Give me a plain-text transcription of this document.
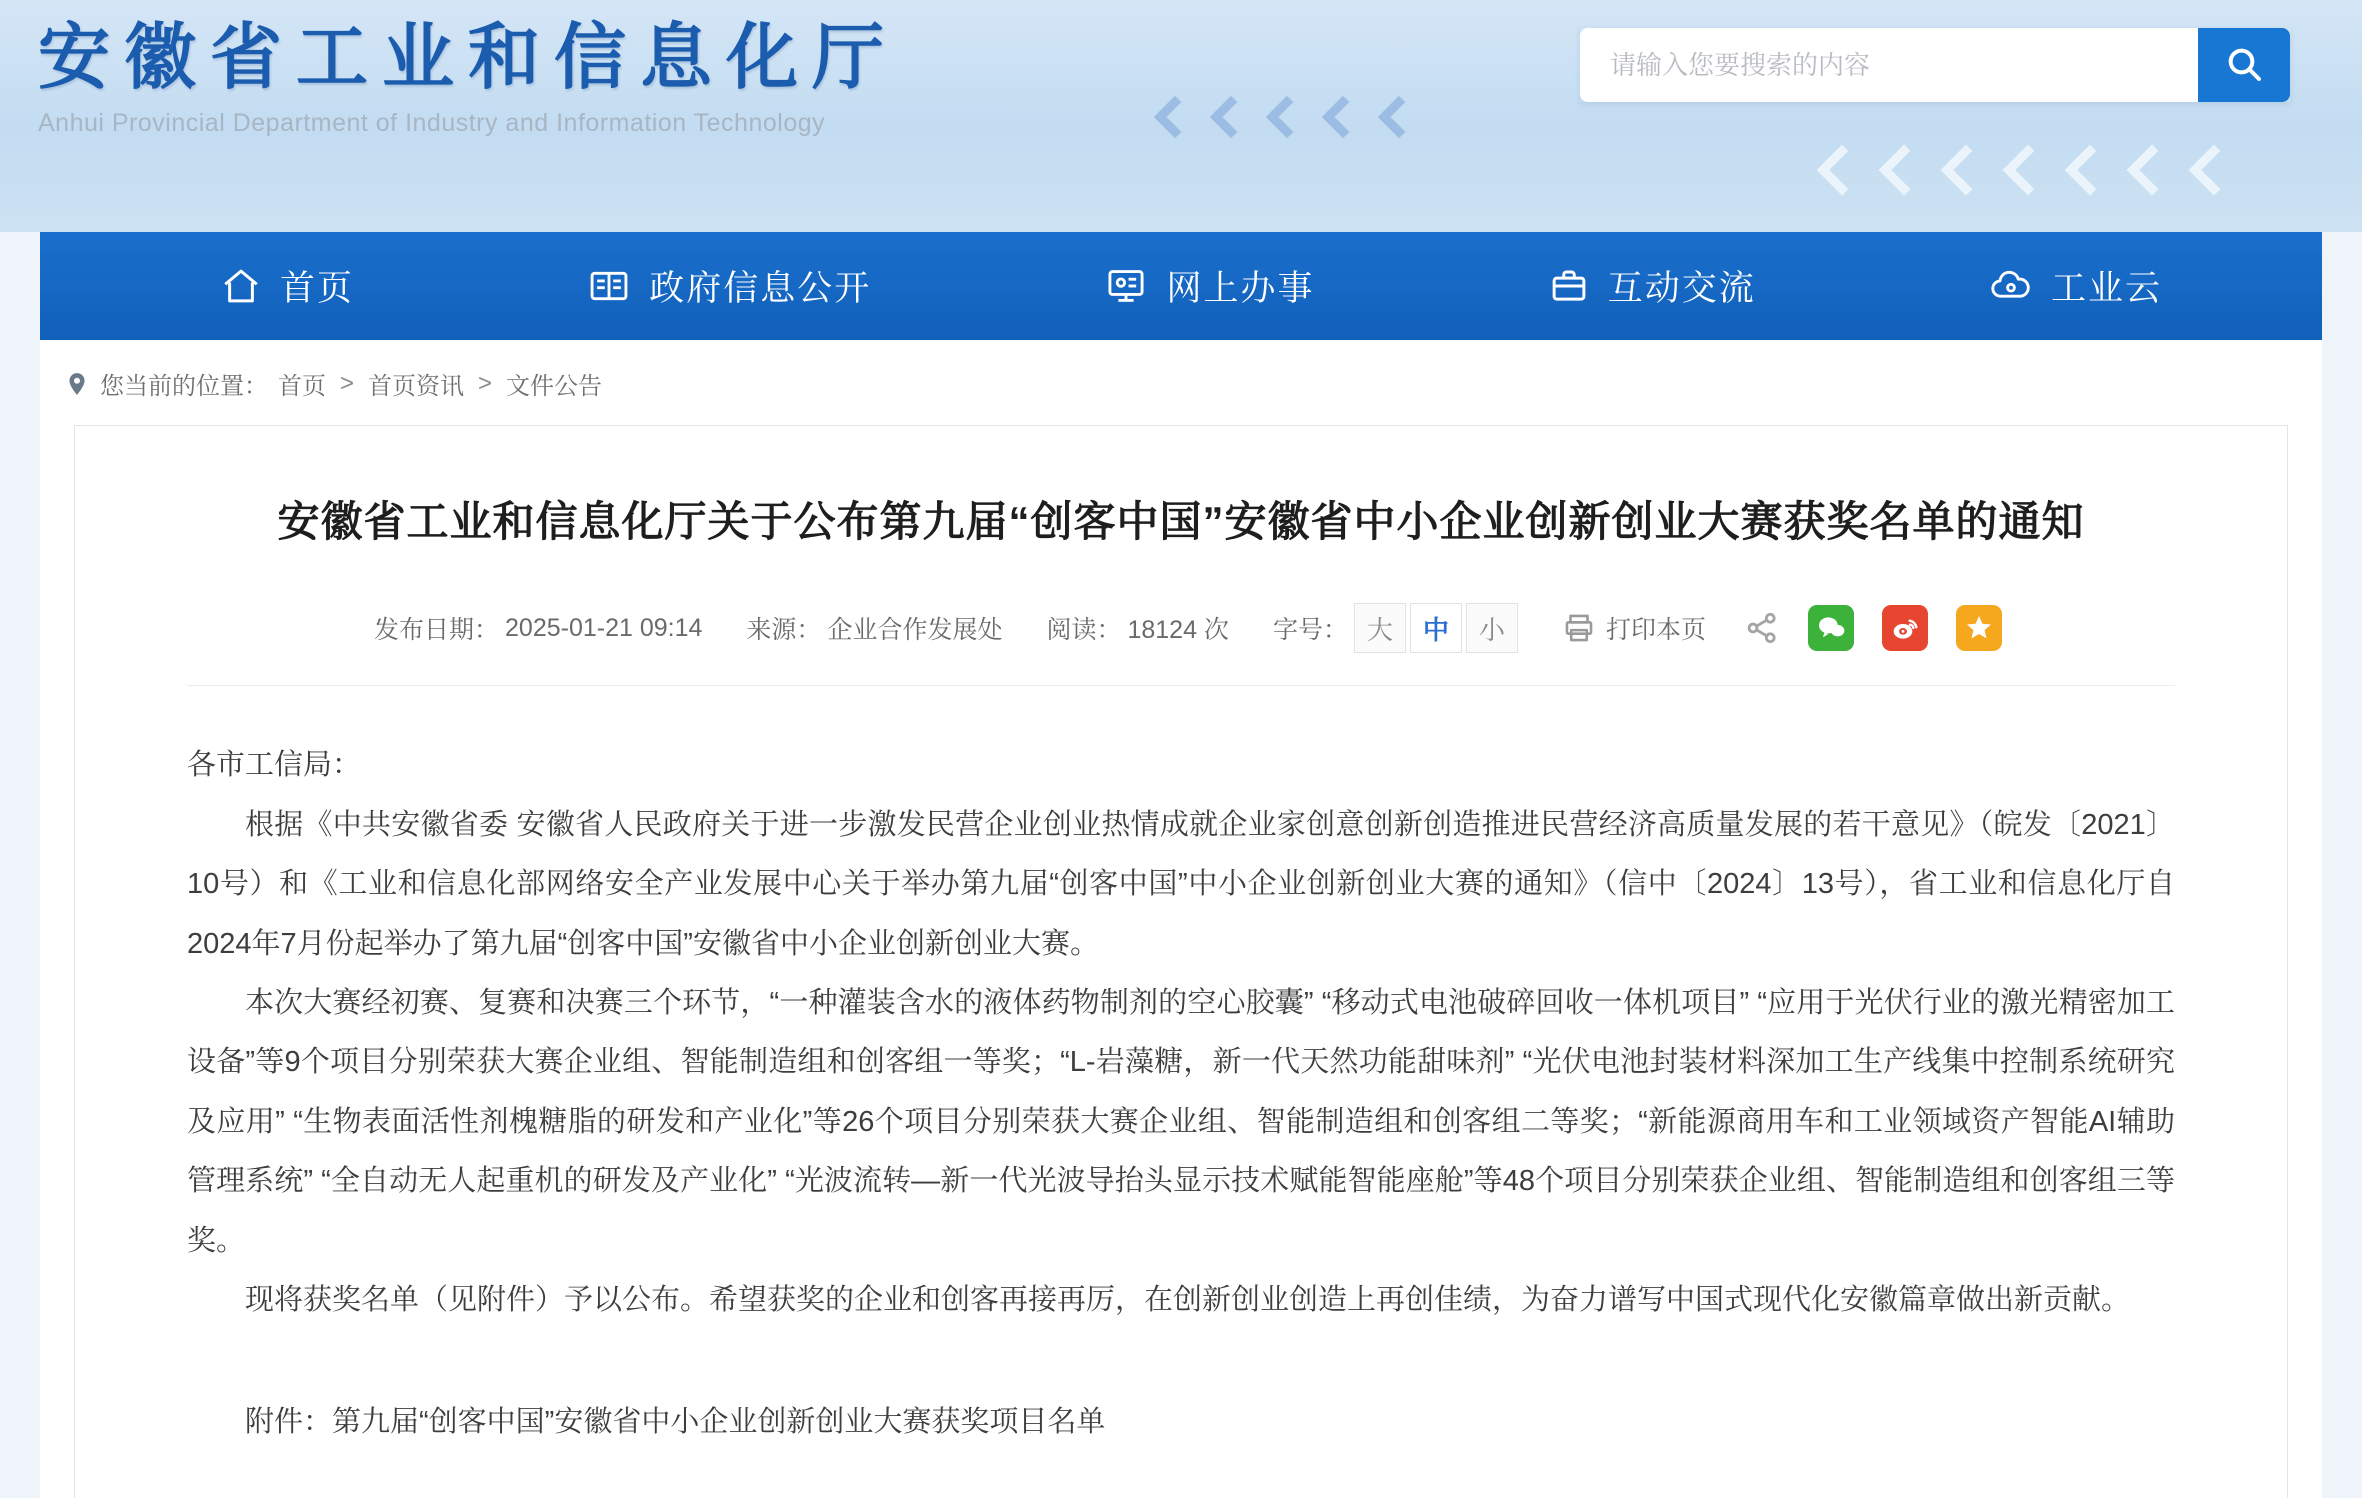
安徽省工业和信息化厅
Anhui Provincial Department of Industry and Information Technology
请输入您要搜索的内容
首页	政府信息公开	网上办事	互动交流	工业云
您当前的位置： 首页 > 首页资讯 > 文件公告
安徽省工业和信息化厅关于公布第九届“创客中国”安徽省中小企业创新创业大赛获奖名单的通知
发布日期： 2025-01-21 09:14 来源： 企业合作发展处 阅读： 18124 次 字号： 大	中	小	打印本页

各市工信局：

根据《中共安徽省委 安徽省人民政府关于进一步激发民营企业创业热情成就企业家创意创新创造推进民营经济高质量发展的若干意见》（皖发〔2021〕10号）和《工业和信息化部网络安全产业发展中心关于举办第九届“创客中国”中小企业创新创业大赛的通知》（信中〔2024〕13号），省工业和信息化厅自2024年7月份起举办了第九届“创客中国”安徽省中小企业创新创业大赛。

本次大赛经初赛、复赛和决赛三个环节，“一种灌装含水的液体药物制剂的空心胶囊” “移动式电池破碎回收一体机项目” “应用于光伏行业的激光精密加工设备”等9个项目分别荣获大赛企业组、智能制造组和创客组一等奖；“L-岩藻糖，新一代天然功能甜味剂” “光伏电池封装材料深加工生产线集中控制系统研究及应用” “生物表面活性剂槐糖脂的研发和产业化”等26个项目分别荣获大赛企业组、智能制造组和创客组二等奖；“新能源商用车和工业领域资产智能AI辅助管理系统” “全自动无人起重机的研发及产业化” “光波流转—新一代光波导抬头显示技术赋能智能座舱”等48个项目分别荣获企业组、智能制造组和创客组三等奖。

现将获奖名单（见附件）予以公布。希望获奖的企业和创客再接再厉，在创新创业创造上再创佳绩，为奋力谱写中国式现代化安徽篇章做出新贡献。

附件：第九届“创客中国”安徽省中小企业创新创业大赛获奖项目名单
